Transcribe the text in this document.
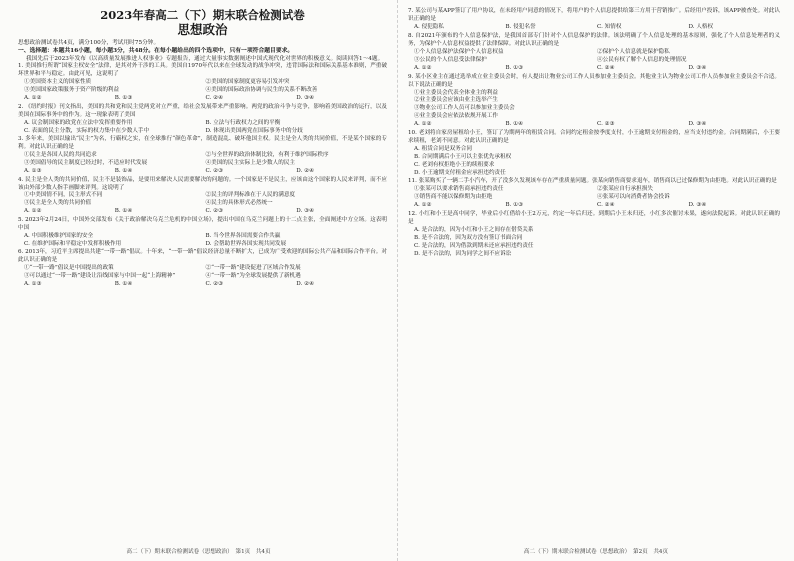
2023年春高二（下）期末联合检测试卷

思想政治

思想政治测试卷共4页，满分100分，考试用时75分钟。

一、选择题：本题共16小题，每小题3分，共48分。在每小题给出的四个选项中，只有一项符合题目要求。

我国先后于2023年发布《以高质量发展推进人权事业》专题报告，通过大量事实数据阐述中国式现代化对世界的积极意义。阅读回答1～4题。

1. 美国推行所谓“国家主权安全”法律，是其对外干涉的工具。美国自1970年代以来在全球发动的战争冲突，违背国际法和国际关系基本准则，严重破坏世界和平与稳定。由此可见，这说明了

①美国资本主义的国家性质	②美国的国家制度更容易引发冲突
③美国国家政策服务于资产阶级的利益	④美国的国际政治协调与民生的关系不断改善
A. ①②	B. ①③	C. ②④	D. ③④

2. 《纽约时报》刊文指出，美国的共和党和民主党两党对立严重，给社会发展带来严重影响。两党的政治斗争与竞争，影响着美国政治的运行，以及美国在国际事务中的作为。这一现象表明了美国

A. 议会制国家的政党在立法中发挥重要作用	B. 立法与行政权力之间的平衡
C. 表面的民主分散，实际的权力集中在少数人手中	D. 体现出美国两党在国际事务中的分歧

3. 多年来，美国以输出“民主”为名，行霸权之实，在全球推行“颜色革命”，制造混乱、破坏他国主权。民主是全人类的共同价值，不是某个国家的专利。对此认识正确的是

①民主是各国人民的共同追求	②与全世界的政治体制比较，有利于维护国际秩序
③美国倡导的民主制度已经过时，不适应时代发展	④美国的民主实际上是少数人的民主
A. ①③	B. ①④	C. ②③	D. ②④

4. 民主是全人类的共同价值，民主不是装饰品，是要用来解决人民需要解决的问题的。一个国家是不是民主，应该由这个国家的人民来评判，而不应该由外部少数人指手画脚来评判。这说明了

①中美国情不同，民主形式不同	②民主的评判标准在于人民的满意度
③民主是全人类的共同价值	④民主的具体形式必然统一
A. ①②	B. ①④	C. ②③	D. ③④

5. 2023年2月24日，中国外交部发布《关于政治解决乌克兰危机的中国立场》，提出中国在乌克兰问题上的十二点主张，全面阐述中方立场。这表明中国

A. 中国积极维护国家的安全	B. 当今世界各国需要合作共赢
C. 在维护国际和平稳定中发挥积极作用	D. 会帮助世界各国实现共同发展

6. 2013年，习近平主席提出共建“一带一路”倡议。十年来，“一带一路”倡议经济总量不断扩大，已成为广受欢迎的国际公共产品和国际合作平台。对此认识正确的是

①“一带一路”倡议是中国提出的政策	②“一带一路”建设促进了区域合作发展
③可以通过“一带一路”建设让沿线国家与中国一起“上海精神”	④“一带一路”为全球发展提供了新机遇
A. ①③	B. ①④	C. ②③	D. ②④
高二（下）期末联合检测试卷（思想政治）　第1页　共4页

7. 某公司与某APP签订了用户协议，在未经用户同意的情况下，将用户的个人信息提供给第三方用于营销推广。后经用户投诉，该APP被查处。对此认识正确的是

A. 侵犯隐私	B. 侵犯名誉	C. 知情权	D. 人格权

8. 自2021年颁布的个人信息保护法，是我国首部专门针对个人信息保护的法律。该法明确了个人信息处理的基本原则，强化了个人信息处理者的义务，为保护个人信息权益提供了法律保障。对此认识正确的是

①个人信息保护法保护个人信息权益	②保护个人信息就是保护隐私
③公民的个人信息受法律保护	④公民有权了解个人信息的处理情况
A. ①②	B. ①③	C. ②④	D. ③④

9. 某小区业主在通过选举成立业主委员会时，有人提出让物业公司工作人员参加业主委员会。其他业主认为物业公司工作人员参加业主委员会不合适。以下说法正确的是

①业主委员会代表全体业主的利益

②业主委员会应该由业主选举产生

③物业公司工作人员可以参加业主委员会

④业主委员会应依法依规开展工作

A. ①②	B. ①④	C. ②③	D. ③④

10. 老刘将自家房屋租给小王，签订了为期两年的租赁合同。合同约定租金按季度支付，小王逾期支付租金的，应当支付违约金。合同期满后，小王要求续租，老刘不同意。对此认识正确的是

A. 租赁合同是双务合同

B. 合同期满后小王可以主张优先承租权

C. 老刘有权拒绝小王的续租要求

D. 小王逾期支付租金应承担违约责任

11. 张某购买了一辆二手小汽车，开了没多久发现该车存在严重质量问题。张某向销售商要求退车，销售商以已过保修期为由拒绝。对此认识正确的是

①张某可以要求销售商承担违约责任	②张某应自行承担损失
③销售商不能以保修期为由拒绝	④张某可以向消费者协会投诉
A. ①②	B. ①③	C. ②④	D. ③④

12. 小红和小王是高中同学，毕业后小红借给小王2万元，约定一年后归还。到期后小王未归还，小红多次催讨未果，遂向法院起诉。对此认识正确的是

A. 是合法的，因为小红和小王之间存在借贷关系

B. 是不合法的，因为双方没有签订书面合同

C. 是合法的，因为借款到期未还应承担违约责任

D. 是不合法的，因为同学之间不应诉讼

高二（下）期末联合检测试卷（思想政治）　第2页　共4页
